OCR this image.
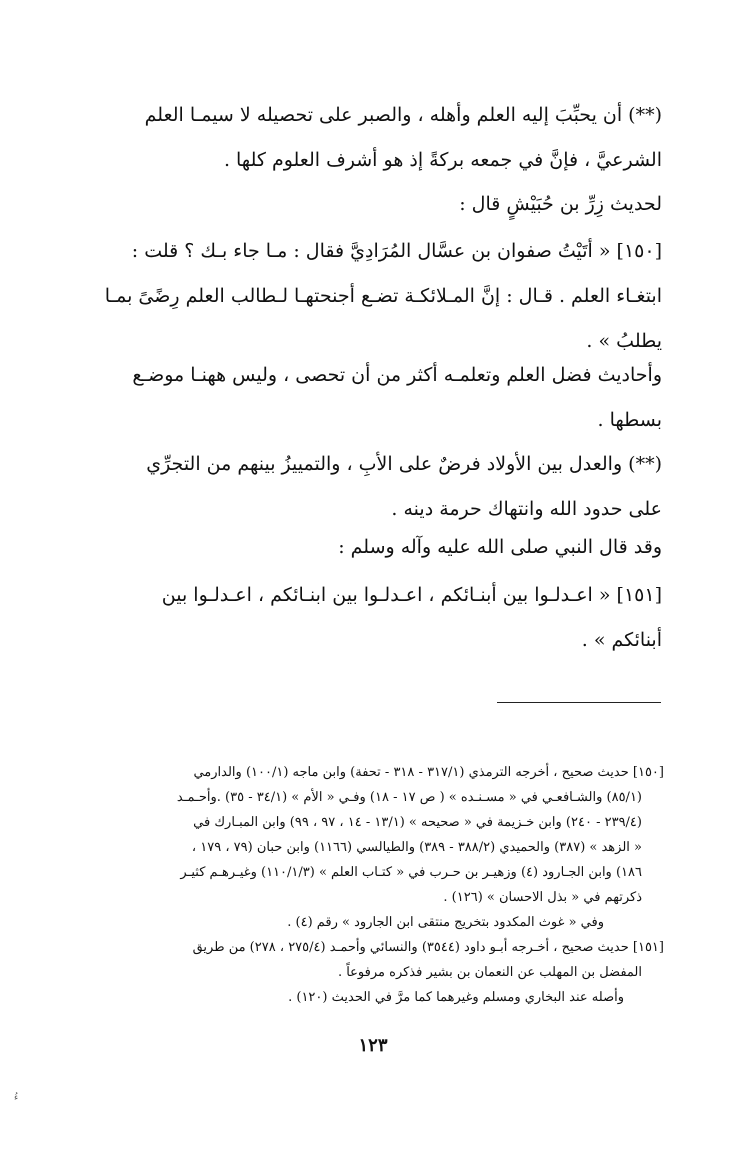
(**) أن يحبِّبَ إليه العلم وأهله ، والصبر على تحصيله لا سيمـا العلم
الشرعيَّ ، فإنَّ في جمعه بركةً إذ هو أشرف العلوم كلها .
لحديث زِرِّ بن حُبَيْشٍ قال :
[١٥٠] « أتَيْتُ صفوان بن عسَّال المُرَادِيَّ فقال : مـا جاء بـك ؟ قلت :
ابتغـاء العلم . قـال : إنَّ المـلائكـة تضـع أجنحتهـا لـطالب العلم رِضًىً بمـا
يطلبُ » .
وأحاديث فضل العلم وتعلمـه أكثر من أن تحصى ، وليس ههنـا موضـع
بسطها .
(**) والعدل بين الأولاد فرضٌ على الأبِ ، والتمييزُ بينهم من التجرِّي
على حدود الله وانتهاك حرمة دينه .
وقد قال النبي صلى الله عليه وآله وسلم :
[١٥١] « اعـدلـوا بين أبنـائكم ، اعـدلـوا بين ابنـائكم ، اعـدلـوا بين
أبنائكم » .
[١٥٠] حديث صحيح ، أخرجه الترمذي (٣١٧/١ - ٣١٨ - تحفة) وابن ماجه (١٠٠/١) والدارمي
(٨٥/١) والشـافعـي في « مسـنـده » ( ص ١٧ - ١٨) وفـي « الأم » (٣٤/١ - ٣٥) .وأحـمـد
(٢٣٩/٤ - ٢٤٠) وابن خـزيمة في « صحيحه » (١٣/١ - ١٤ ، ٩٧ ، ٩٩) وابن المبـارك في
« الزهد » (٣٨٧) والحميدي (٣٨٨/٢ - ٣٨٩) والطيالسي (١١٦٦) وابن حبان (٧٩ ، ١٧٩ ،
١٨٦) وابن الجـارود (٤) وزهيـر بن حـرب في « كتـاب العلم » (١١٠/١/٣) وغيـرهـم كثيـر
ذكرتهم في « بذل الاحسان » (١٢٦) .
وفي « غوث المكدود بتخريج منتقى ابن الجارود » رقم (٤) .
[١٥١] حديث صحيح ، أخـرجه أبـو داود (٣٥٤٤) والنسائي وأحمـد (٢٧٥/٤ ، ٢٧٨) من طريق
المفضل بن المهلب عن النعمان بن بشير فذكره مرفوعاً .
وأصله عند البخاري ومسلم وغيرهما كما مرَّ في الحديث (١٢٠) .
١٢٣
ءُ
